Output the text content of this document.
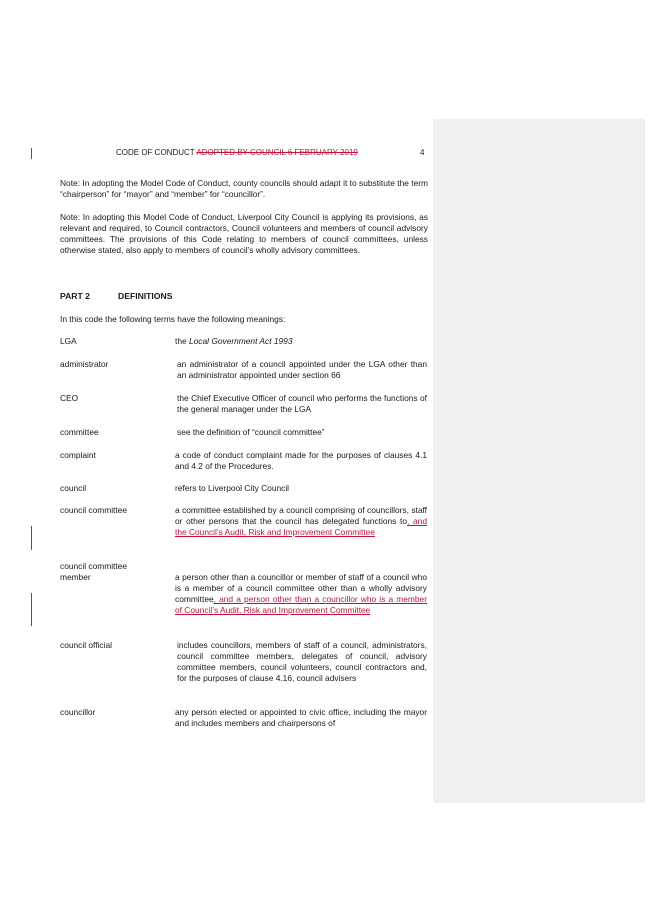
CODE OF CONDUCT ADOPTED BY COUNCIL 6 FEBRUARY 2019	4
Note: In adopting the Model Code of Conduct, county councils should adapt it to substitute the term “chairperson” for “mayor” and “member” for “councillor”.
Note: In adopting this Model Code of Conduct, Liverpool City Council is applying its provisions, as relevant and required, to Council contractors, Council volunteers and members of council advisory committees. The provisions of this Code relating to members of council committees, unless otherwise stated, also apply to members of council’s wholly advisory committees.
PART 2	DEFINITIONS
In this code the following terms have the following meanings:
LGA	the Local Government Act 1993
administrator	an administrator of a council appointed under the LGA other than an administrator appointed under section 66
CEO	the Chief Executive Officer of council who performs the functions of the general manager under the LGA
committee	see the definition of “council committee”
complaint	a code of conduct complaint made for the purposes of clauses 4.1 and 4.2 of the Procedures.
council	refers to Liverpool City Council
council committee	a committee established by a council comprising of councillors, staff or other persons that the council has delegated functions to, and the Council’s Audit, Risk and Improvement Committee
council committee
member	a person other than a councillor or member of staff of a council who is a member of a council committee other than a wholly advisory committee, and a person other than a councillor who is a member of Council’s Audit, Risk and Improvement Committee
council official	includes councillors, members of staff of a council, administrators, council committee members, delegates of council, advisory committee members, council volunteers, council contractors and, for the purposes of clause 4.16, council advisers
councillor	any person elected or appointed to civic office, including the mayor and includes members and chairpersons of
